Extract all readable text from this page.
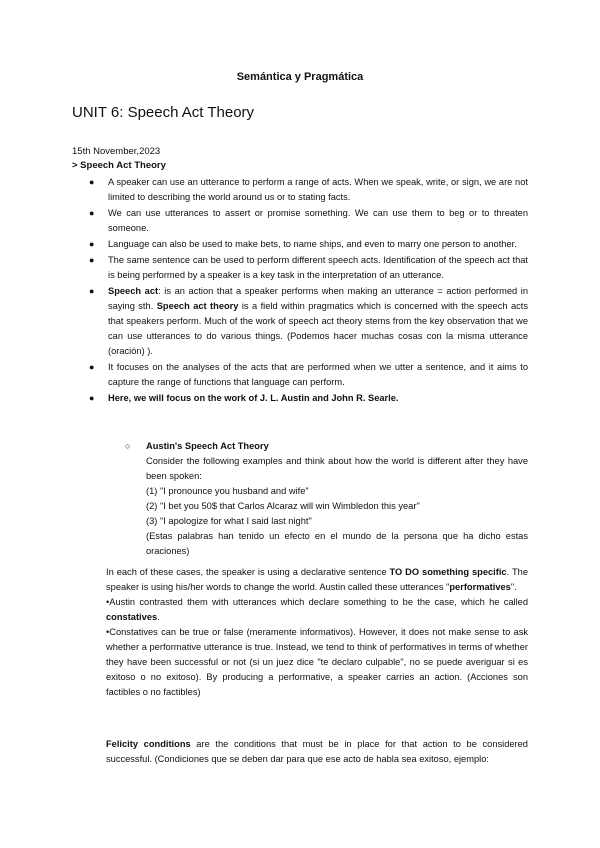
Semántica y Pragmática
UNIT 6: Speech Act Theory
15th November,2023
> Speech Act Theory
● A speaker can use an utterance to perform a range of acts. When we speak, write, or sign, we are not limited to describing the world around us or to stating facts.
● We can use utterances to assert or promise something. We can use them to beg or to threaten someone.
● Language can also be used to make bets, to name ships, and even to marry one person to another.
● The same sentence can be used to perform different speech acts. Identification of the speech act that is being performed by a speaker is a key task in the interpretation of an utterance.
● Speech act: is an action that a speaker performs when making an utterance = action performed in saying sth. Speech act theory is a field within pragmatics which is concerned with the speech acts that speakers perform. Much of the work of speech act theory stems from the key observation that we can use utterances to do various things. (Podemos hacer muchas cosas con la misma utterance (oración) ).
● It focuses on the analyses of the acts that are performed when we utter a sentence, and it aims to capture the range of functions that language can perform.
● Here, we will focus on the work of J. L. Austin and John R. Searle.
○ Austin's Speech Act Theory

Consider the following examples and think about how the world is different after they have been spoken:

(1) "I pronounce you husband and wife"

(2) "I bet you 50$ that Carlos Alcaraz will win Wimbledon this year"

(3) "I apologize for what I said last night"

(Estas palabras han tenido un efecto en el mundo de la persona que ha dicho estas oraciones)

In each of these cases, the speaker is using a declarative sentence TO DO something specific. The speaker is using his/her words to change the world. Austin called these utterances "performatives".

•Austin contrasted them with utterances which declare something to be the case, which he called constatives.

•Constatives can be true or false (meramente informativos). However, it does not make sense to ask whether a performative utterance is true. Instead, we tend to think of performatives in terms of whether they have been successful or not (si un juez dice "te declaro culpable", no se puede averiguar si es exitoso o no exitoso). By producing a performative, a speaker carries an action. (Acciones son factibles o no factibles)

Felicity conditions are the conditions that must be in place for that action to be considered successful. (Condiciones que se deben dar para que ese acto de habla sea exitoso, ejemplo:
